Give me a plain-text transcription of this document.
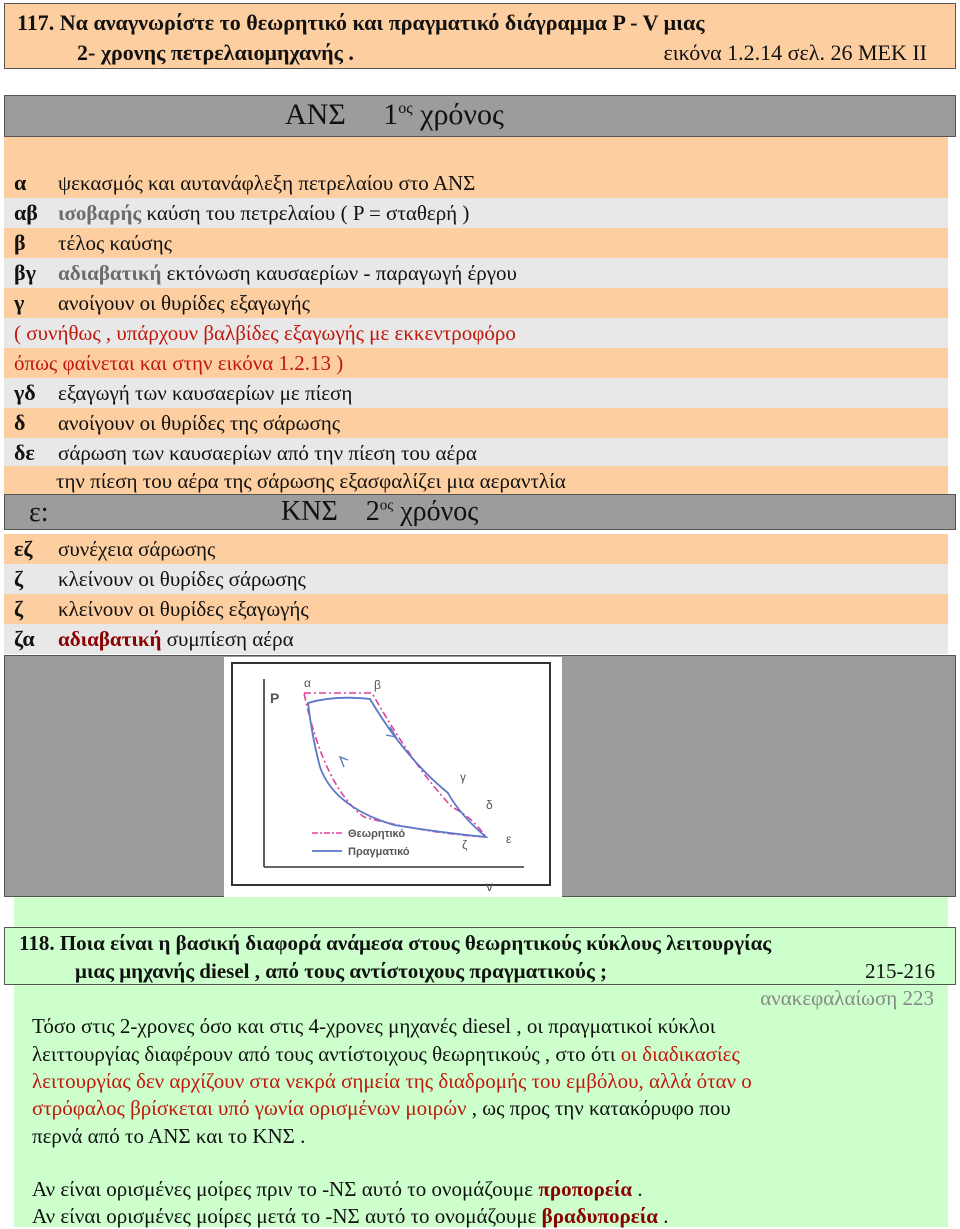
117. Να αναγνωρίστε το θεωρητικό και πραγματικό διάγραμμα P - V μιας
2- χρονης πετρελαιομηχανής .	εικόνα 1.2.14 σελ. 26 ΜΕΚ ΙΙ
ΑΝΣ $1^{o\varsigma}$ χρόνος
α ψεκασμός και αυτανάφλεξη πετρελαίου στο ΑΝΣ
αβ ισοβαρής καύση του πετρελαίου ( P = σταθερή )
β τέλος καύσης
βγ αδιαβατική εκτόνωση καυσαερίων - παραγωγή έργου
γ ανοίγουν οι θυρίδες εξαγωγής
( συνήθως , υπάρχουν βαλβίδες εξαγωγής με εκκεντροφόρο
όπως φαίνεται και στην εικόνα 1.2.13 )
γδ εξαγωγή των καυσαερίων με πίεση
δ ανοίγουν οι θυρίδες της σάρωσης
δε σάρωση των καυσαερίων από την πίεση του αέρα
την πίεση του αέρα της σάρωσης εξασφαλίζει μια αεραντλία
ε:	ΚΝΣ $2^{o\varsigma}$ χρόνος
εζ συνέχεια σάρωσης
ζ κλείνουν οι θυρίδες σάρωσης
ζ κλείνουν οι θυρίδες εξαγωγής
ζα αδιαβατική συμπίεση αέρα
P
v
α	β
γ
δ
ε
ζ
Θεωρητικό
Πραγματικό
118. Ποια είναι η βασική διαφορά ανάμεσα στους θεωρητικούς κύκλους λειτουργίας
μιας μηχανής diesel , από τους αντίστοιχους πραγματικούς ;	215-216
ανακεφαλαίωση 223
Τόσο στις 2-χρονες όσο και στις 4-χρονες μηχανές diesel , οι πραγματικοί κύκλοι
λειττουργίας διαφέρουν από τους αντίστοιχους θεωρητικούς , στο ότι οι διαδικασίες
λειτουργίας δεν αρχίζουν στα νεκρά σημεία της διαδρομής του εμβόλου, αλλά όταν ο
στρόφαλος βρίσκεται υπό γωνία ορισμένων μοιρών , ως προς την κατακόρυφο που
περνά από το ΑΝΣ και το ΚΝΣ .
Αν είναι ορισμένες μοίρες πριν το -ΝΣ αυτό το ονομάζουμε προπορεία .
Αν είναι ορισμένες μοίρες μετά το -ΝΣ αυτό το ονομάζουμε βραδυπορεία .
